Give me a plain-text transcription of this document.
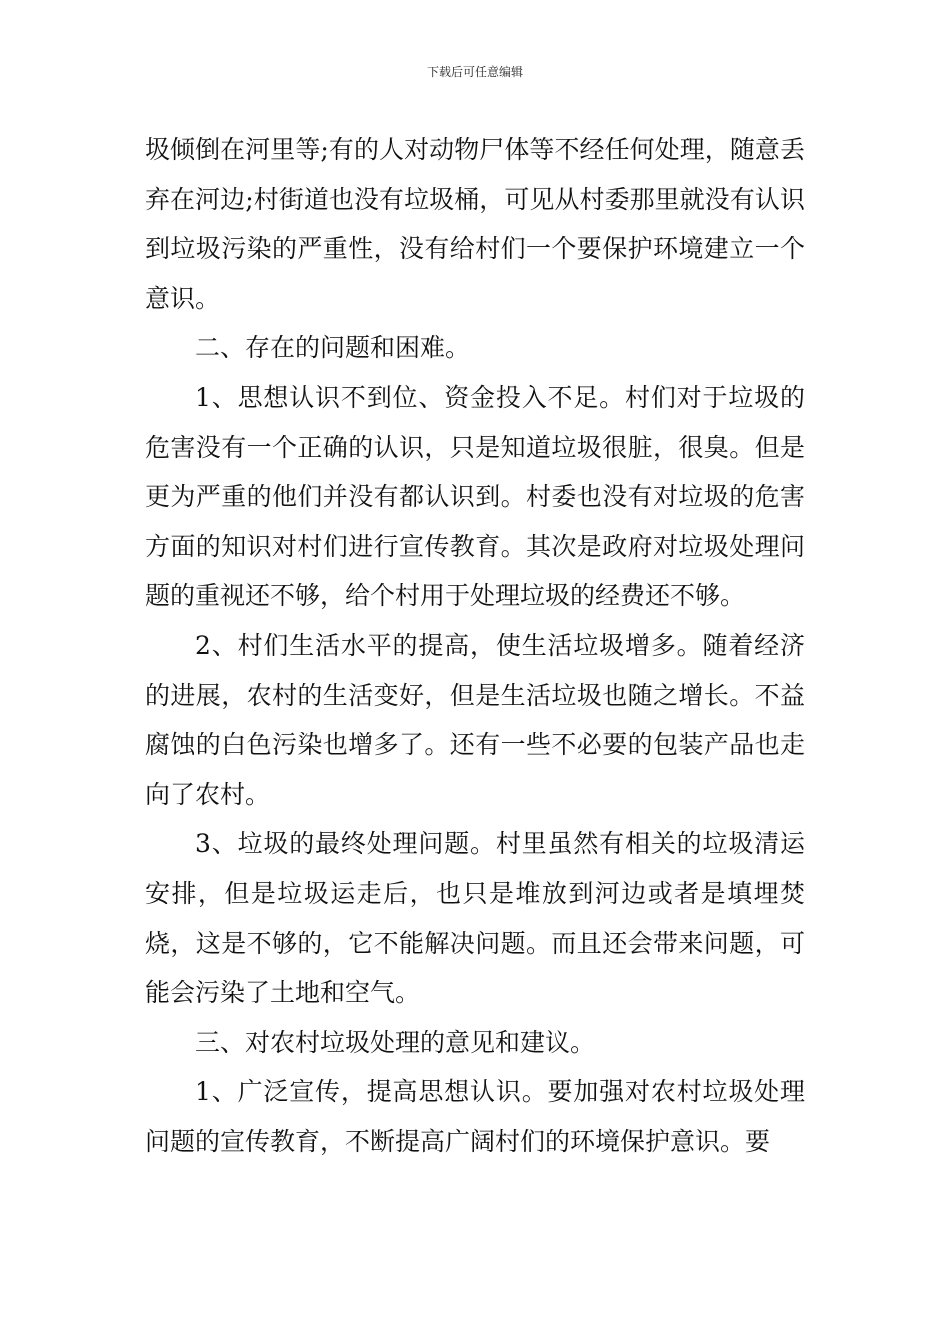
下载后可任意编辑

圾倾倒在河里等;有的人对动物尸体等不经任何处理，随意丢弃在河边;村街道也没有垃圾桶，可见从村委那里就没有认识到垃圾污染的严重性，没有给村们一个要保护环境建立一个意识。

二、存在的问题和困难。

1、思想认识不到位、资金投入不足。村们对于垃圾的危害没有一个正确的认识，只是知道垃圾很脏，很臭。但是更为严重的他们并没有都认识到。村委也没有对垃圾的危害方面的知识对村们进行宣传教育。其次是政府对垃圾处理问题的重视还不够，给个村用于处理垃圾的经费还不够。

2、村们生活水平的提高，使生活垃圾增多。随着经济的进展，农村的生活变好，但是生活垃圾也随之增长。不益腐蚀的白色污染也增多了。还有一些不必要的包装产品也走向了农村。

3、垃圾的最终处理问题。村里虽然有相关的垃圾清运安排，但是垃圾运走后，也只是堆放到河边或者是填埋焚烧，这是不够的，它不能解决问题。而且还会带来问题，可能会污染了土地和空气。

三、对农村垃圾处理的意见和建议。

1、广泛宣传，提高思想认识。要加强对农村垃圾处理问题的宣传教育，不断提高广阔村们的环境保护意识。要
